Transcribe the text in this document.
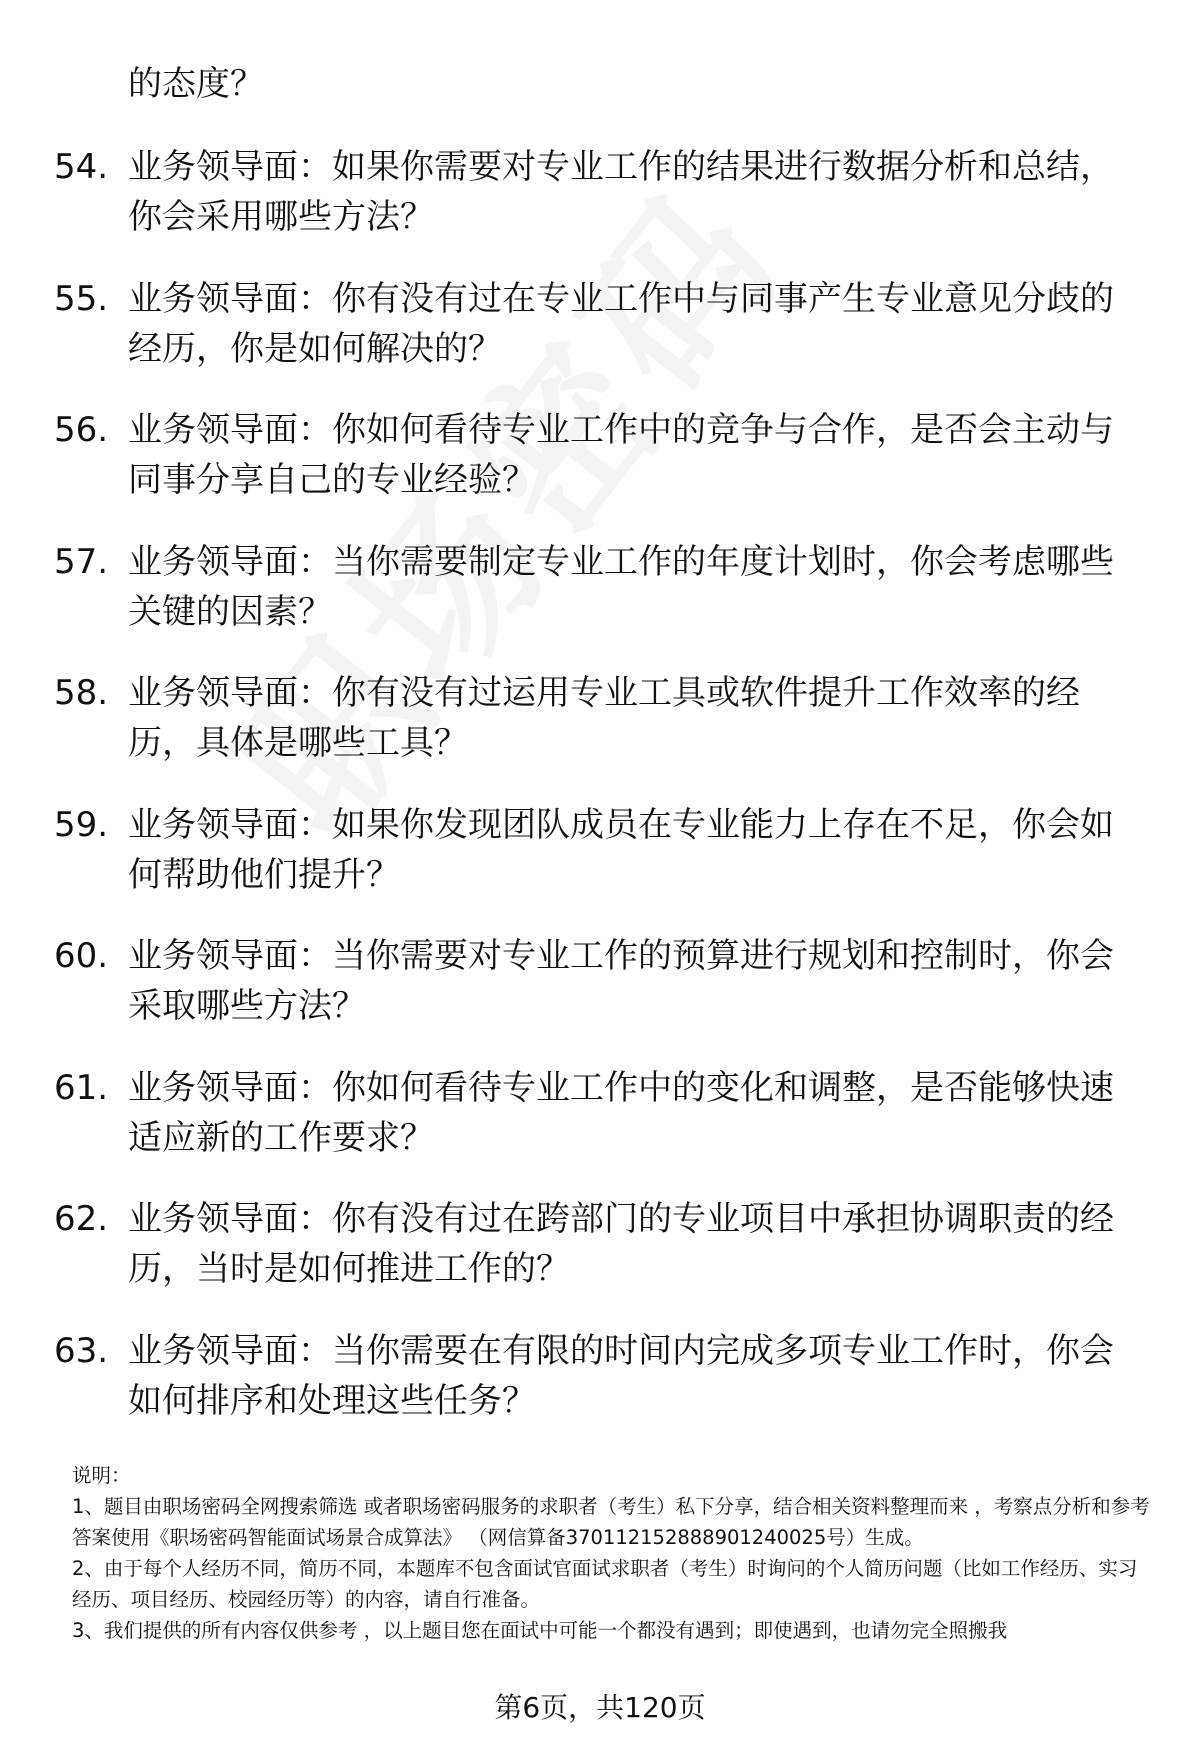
的态度？
54. 业务领导面：如果你需要对专业工作的结果进行数据分析和总结，你会采用哪些方法？
55. 业务领导面：你有没有过在专业工作中与同事产生专业意见分歧的经历，你是如何解决的？
56. 业务领导面：你如何看待专业工作中的竞争与合作，是否会主动与同事分享自己的专业经验？
57. 业务领导面：当你需要制定专业工作的年度计划时，你会考虑哪些关键的因素？
58. 业务领导面：你有没有过运用专业工具或软件提升工作效率的经历，具体是哪些工具？
59. 业务领导面：如果你发现团队成员在专业能力上存在不足，你会如何帮助他们提升？
60. 业务领导面：当你需要对专业工作的预算进行规划和控制时，你会采取哪些方法？
61. 业务领导面：你如何看待专业工作中的变化和调整，是否能够快速适应新的工作要求？
62. 业务领导面：你有没有过在跨部门的专业项目中承担协调职责的经历，当时是如何推进工作的？
63. 业务领导面：当你需要在有限的时间内完成多项专业工作时，你会如何排序和处理这些任务？

说明：

1、题目由职场密码全网搜索筛选 或者职场密码服务的求职者（考生）私下分享，结合相关资料整理而来 ，考察点分析和参考答案使用《职场密码智能面试场景合成算法》 （网信算备370112152888901240025号）生成。

2、由于每个人经历不同，简历不同，本题库不包含面试官面试求职者（考生）时询问的个人简历问题（比如工作经历、实习经历、项目经历、校园经历等）的内容，请自行准备。

3、我们提供的所有内容仅供参考 ，以上题目您在面试中可能一个都没有遇到；即使遇到，也请勿完全照搬我

第6页，共120页
